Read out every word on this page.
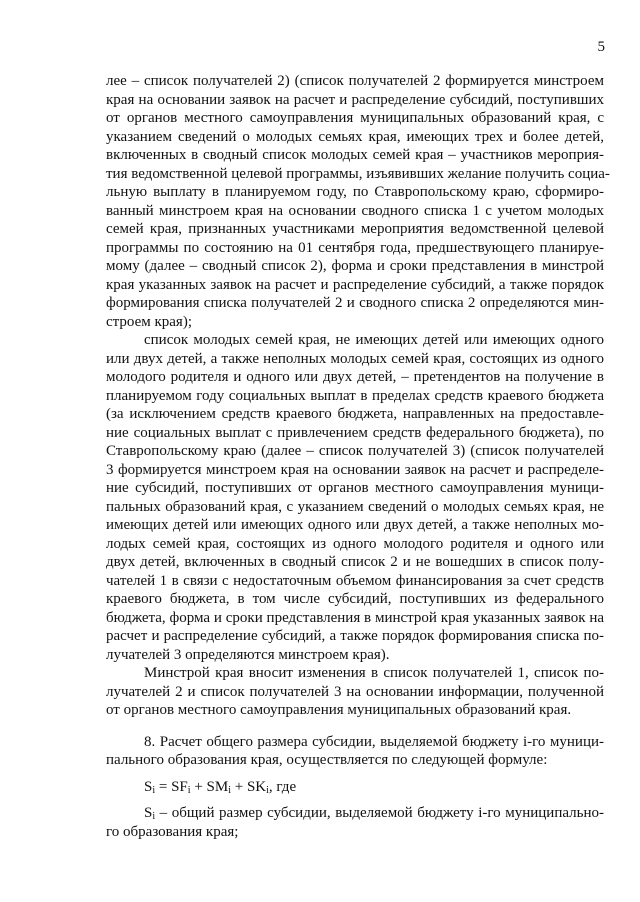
5
лее – список получателей 2) (список получателей 2 формируется минстроем
края на основании заявок на расчет и распределение субсидий, поступивших
от органов местного самоуправления муниципальных образований края, с
указанием сведений о молодых семьях края, имеющих трех и более детей,
включенных в сводный список молодых семей края – участников мероприя-
тия ведомственной целевой программы, изъявивших желание получить социа-
льную выплату в планируемом году, по Ставропольскому краю, сформиро-
ванный минстроем края на основании сводного списка 1 с учетом молодых
семей края, признанных участниками мероприятия ведомственной целевой
программы по состоянию на 01 сентября года, предшествующего планируе-
мому (далее – сводный список 2), форма и сроки представления в минстрой
края указанных заявок на расчет и распределение субсидий, а также порядок
формирования списка получателей 2 и сводного списка 2 определяются мин-
строем края);
список молодых семей края, не имеющих детей или имеющих одного
или двух детей, а также неполных молодых семей края, состоящих из одного
молодого родителя и одного или двух детей, – претендентов на получение в
планируемом году социальных выплат в пределах средств краевого бюджета
(за исключением средств краевого бюджета, направленных на предоставле-
ние социальных выплат с привлечением средств федерального бюджета), по
Ставропольскому краю (далее – список получателей 3) (список получателей
3 формируется минстроем края на основании заявок на расчет и распределе-
ние субсидий, поступивших от органов местного самоуправления муници-
пальных образований края, с указанием сведений о молодых семьях края, не
имеющих детей или имеющих одного или двух детей, а также неполных мо-
лодых семей края, состоящих из одного молодого родителя и одного или
двух детей, включенных в сводный список 2 и не вошедших в список полу-
чателей 1 в связи с недостаточным объемом финансирования за счет средств
краевого бюджета, в том числе субсидий, поступивших из федерального
бюджета, форма и сроки представления в минстрой края указанных заявок на
расчет и распределение субсидий, а также порядок формирования списка по-
лучателей 3 определяются минстроем края).
Минстрой края вносит изменения в список получателей 1, список по-
лучателей 2 и список получателей 3 на основании информации, полученной
от органов местного самоуправления муниципальных образований края.
8. Расчет общего размера субсидии, выделяемой бюджету i-го муници-
пального образования края, осуществляется по следующей формуле:
$S_i = SF_i + SM_i + SK_i$, где
$S_i$ – общий размер субсидии, выделяемой бюджету i-го муниципально-
го образования края;
